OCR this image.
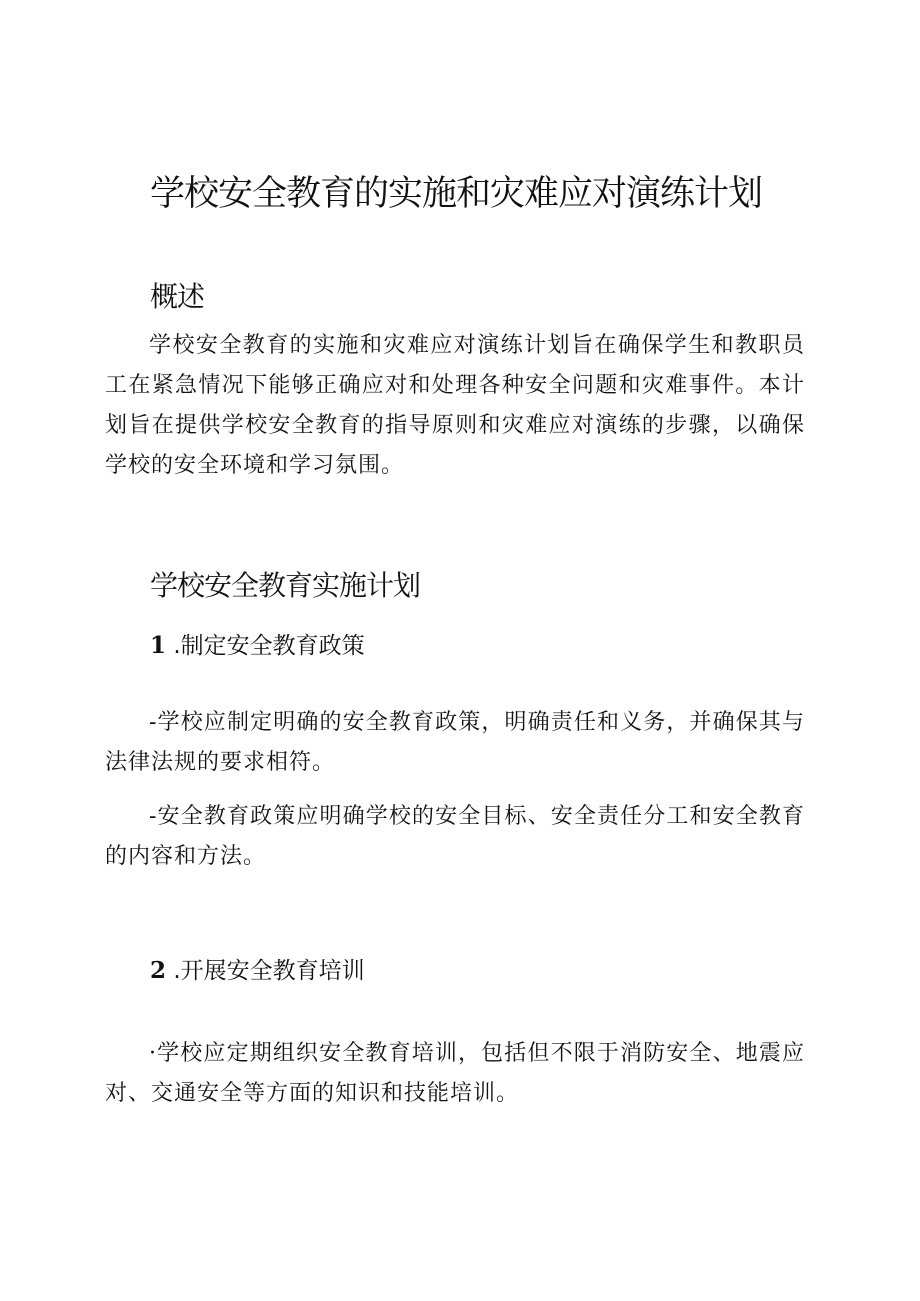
学校安全教育的实施和灾难应对演练计划
概述

学校安全教育的实施和灾难应对演练计划旨在确保学生和教职员工在紧急情况下能够正确应对和处理各种安全问题和灾难事件。本计划旨在提供学校安全教育的指导原则和灾难应对演练的步骤，以确保学校的安全环境和学习氛围。

学校安全教育实施计划
1 .制定安全教育政策

-学校应制定明确的安全教育政策，明确责任和义务，并确保其与法律法规的要求相符。

-安全教育政策应明确学校的安全目标、安全责任分工和安全教育的内容和方法。

2 .开展安全教育培训

·学校应定期组织安全教育培训，包括但不限于消防安全、地震应对、交通安全等方面的知识和技能培训。
